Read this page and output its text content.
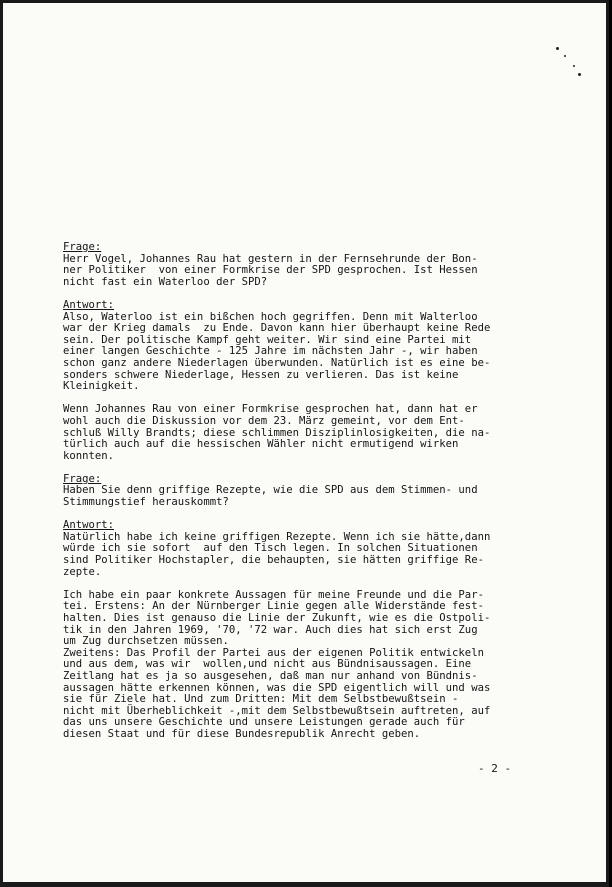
Frage:
Herr Vogel, Johannes Rau hat gestern in der Fernsehrunde der Bon-
ner Politiker  von einer Formkrise der SPD gesprochen. Ist Hessen
nicht fast ein Waterloo der SPD?
Antwort:
Also, Waterloo ist ein bißchen hoch gegriffen. Denn mit Walterloo
war der Krieg damals  zu Ende. Davon kann hier überhaupt keine Rede
sein. Der politische Kampf geht weiter. Wir sind eine Partei mit
einer langen Geschichte - 125 Jahre im nächsten Jahr -, wir haben
schon ganz andere Niederlagen überwunden. Natürlich ist es eine be-
sonders schwere Niederlage, Hessen zu verlieren. Das ist keine
Kleinigkeit.
Wenn Johannes Rau von einer Formkrise gesprochen hat, dann hat er
wohl auch die Diskussion vor dem 23. März gemeint, vor dem Ent-
schluß Willy Brandts; diese schlimmen Disziplinlosigkeiten, die na-
türlich auch auf die hessischen Wähler nicht ermutigend wirken
konnten.
Frage:
Haben Sie denn griffige Rezepte, wie die SPD aus dem Stimmen- und
Stimmungstief herauskommt?
Antwort:
Natürlich habe ich keine griffigen Rezepte. Wenn ich sie hätte,dann
würde ich sie sofort  auf den Tisch legen. In solchen Situationen
sind Politiker Hochstapler, die behaupten, sie hätten griffige Re-
zepte.
Ich habe ein paar konkrete Aussagen für meine Freunde und die Par-
tei. Erstens: An der Nürnberger Linie gegen alle Widerstände fest-
halten. Dies ist genauso die Linie der Zukunft, wie es die Ostpoli-
tik in den Jahren 1969, '70, '72 war. Auch dies hat sich erst Zug
um Zug durchsetzen müssen.
Zweitens: Das Profil der Partei aus der eigenen Politik entwickeln
und aus dem, was wir  wollen,und nicht aus Bündnisaussagen. Eine
Zeitlang hat es ja so ausgesehen, daß man nur anhand von Bündnis-
aussagen hätte erkennen können, was die SPD eigentlich will und was
sie für Ziele hat. Und zum Dritten: Mit dem Selbstbewußtsein -
nicht mit Überheblichkeit -,mit dem Selbstbewußtsein auftreten, auf
das uns unsere Geschichte und unsere Leistungen gerade auch für
diesen Staat und für diese Bundesrepublik Anrecht geben.
- 2 -
